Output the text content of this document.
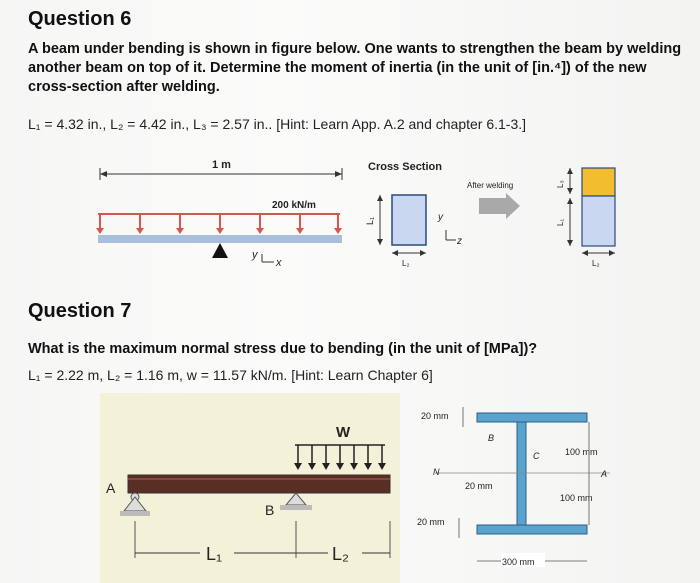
Question 6
A beam under bending is shown in figure below. One wants to strengthen the beam by welding another beam on top of it. Determine the moment of inertia (in the unit of [in.⁴]) of the new cross-section after welding.
L₁ = 4.32 in., L₂ = 4.42 in., L₃ = 2.57 in.. [Hint: Learn App. A.2 and chapter 6.1-3.]
1 m
200 kN/m
y
x
Cross Section
L₁
L₂
y
z
After welding	L₃
L₁
L₂
Question 7
What is the maximum normal stress due to bending (in the unit of [MPa])?
L₁ = 2.22 m, L₂ = 1.16 m, w = 11.57 kN/m. [Hint: Learn Chapter 6]
W
A
B
L₁	L₂
N
B
C
A
20 mm
20 mm
20 mm
100 mm
100 mm
300 mm
